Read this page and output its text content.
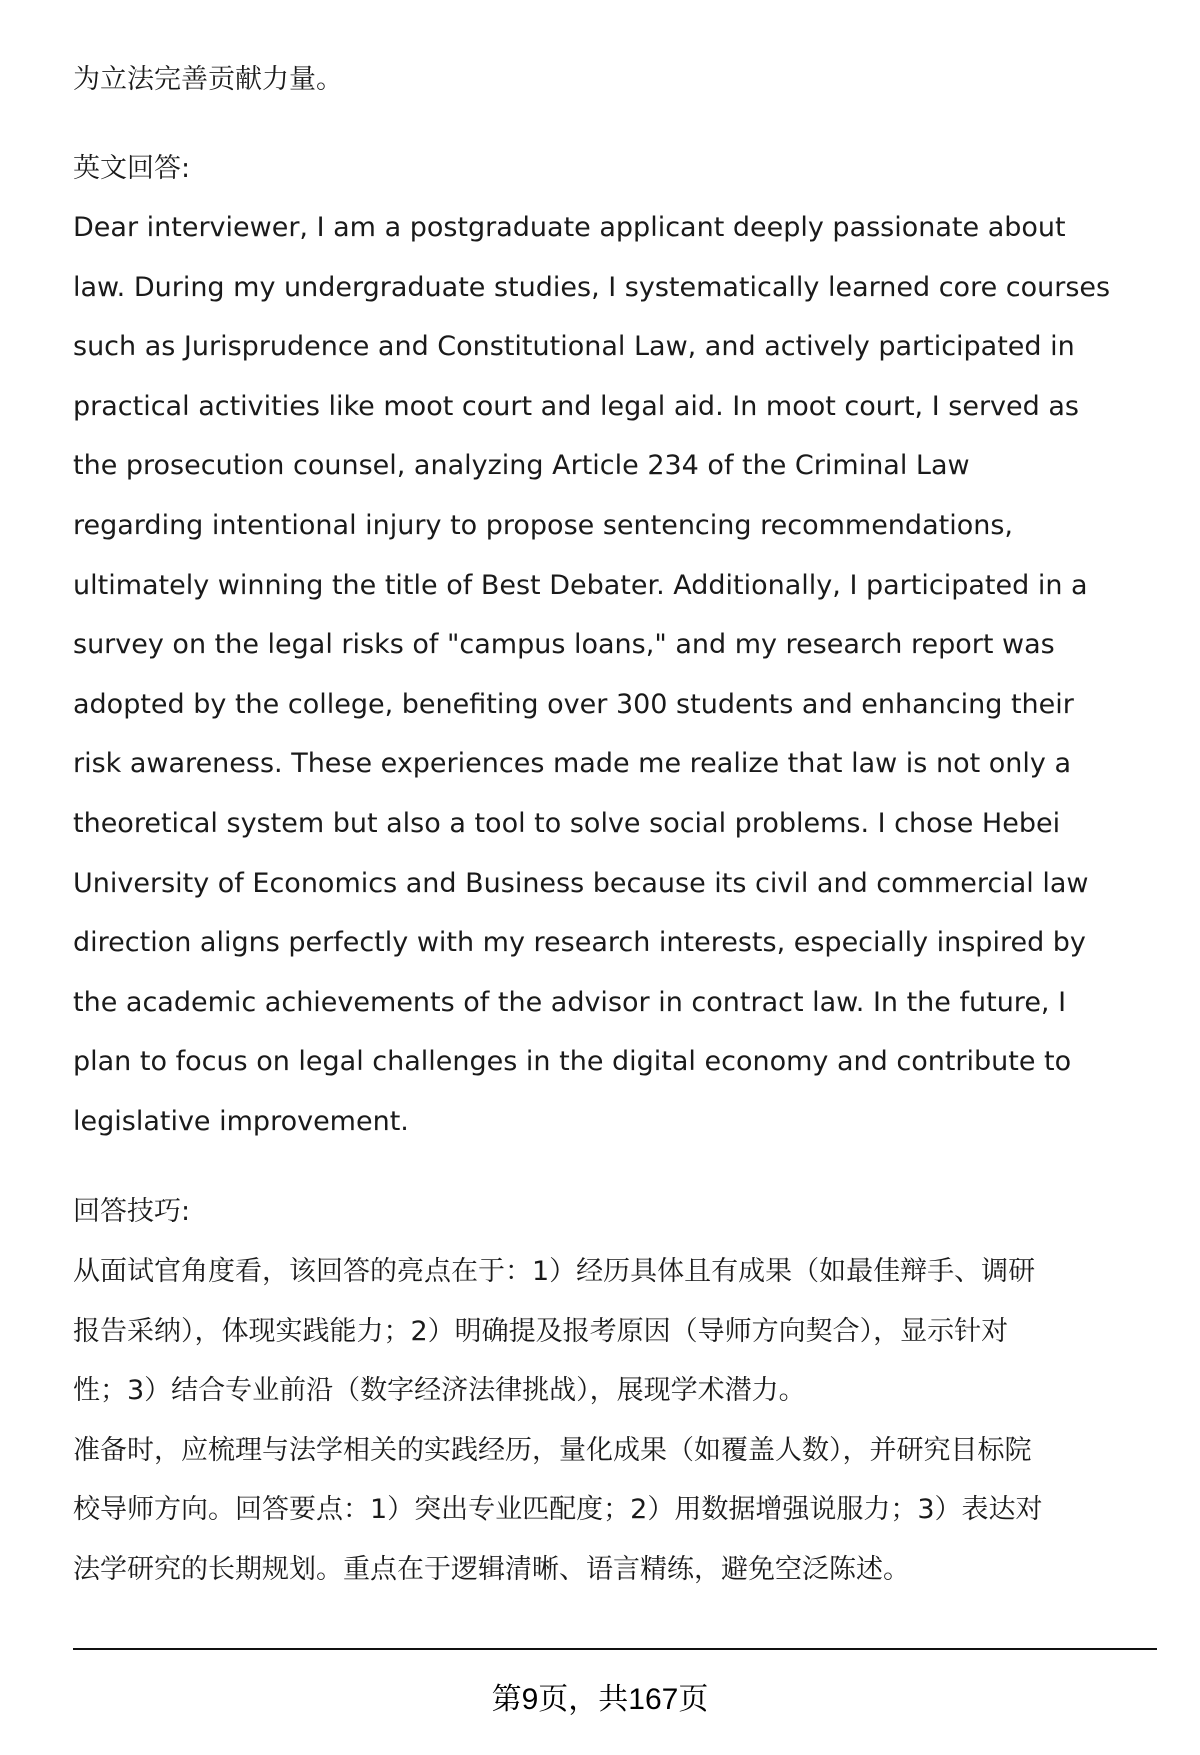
为立法完善贡献力量。
英文回答:
Dear interviewer, I am a postgraduate applicant deeply passionate about
law. During my undergraduate studies, I systematically learned core courses
such as Jurisprudence and Constitutional Law, and actively participated in
practical activities like moot court and legal aid. In moot court, I served as
the prosecution counsel, analyzing Article 234 of the Criminal Law
regarding intentional injury to propose sentencing recommendations,
ultimately winning the title of Best Debater. Additionally, I participated in a
survey on the legal risks of "campus loans," and my research report was
adopted by the college, benefiting over 300 students and enhancing their
risk awareness. These experiences made me realize that law is not only a
theoretical system but also a tool to solve social problems. I chose Hebei
University of Economics and Business because its civil and commercial law
direction aligns perfectly with my research interests, especially inspired by
the academic achievements of the advisor in contract law. In the future, I
plan to focus on legal challenges in the digital economy and contribute to
legislative improvement.
回答技巧:
从面试官角度看，该回答的亮点在于：1）经历具体且有成果（如最佳辩手、调研
报告采纳），体现实践能力；2）明确提及报考原因（导师方向契合），显示针对
性；3）结合专业前沿（数字经济法律挑战），展现学术潜力。
准备时，应梳理与法学相关的实践经历，量化成果（如覆盖人数），并研究目标院
校导师方向。回答要点：1）突出专业匹配度；2）用数据增强说服力；3）表达对
法学研究的长期规划。重点在于逻辑清晰、语言精练，避免空泛陈述。
第9页，共167页
